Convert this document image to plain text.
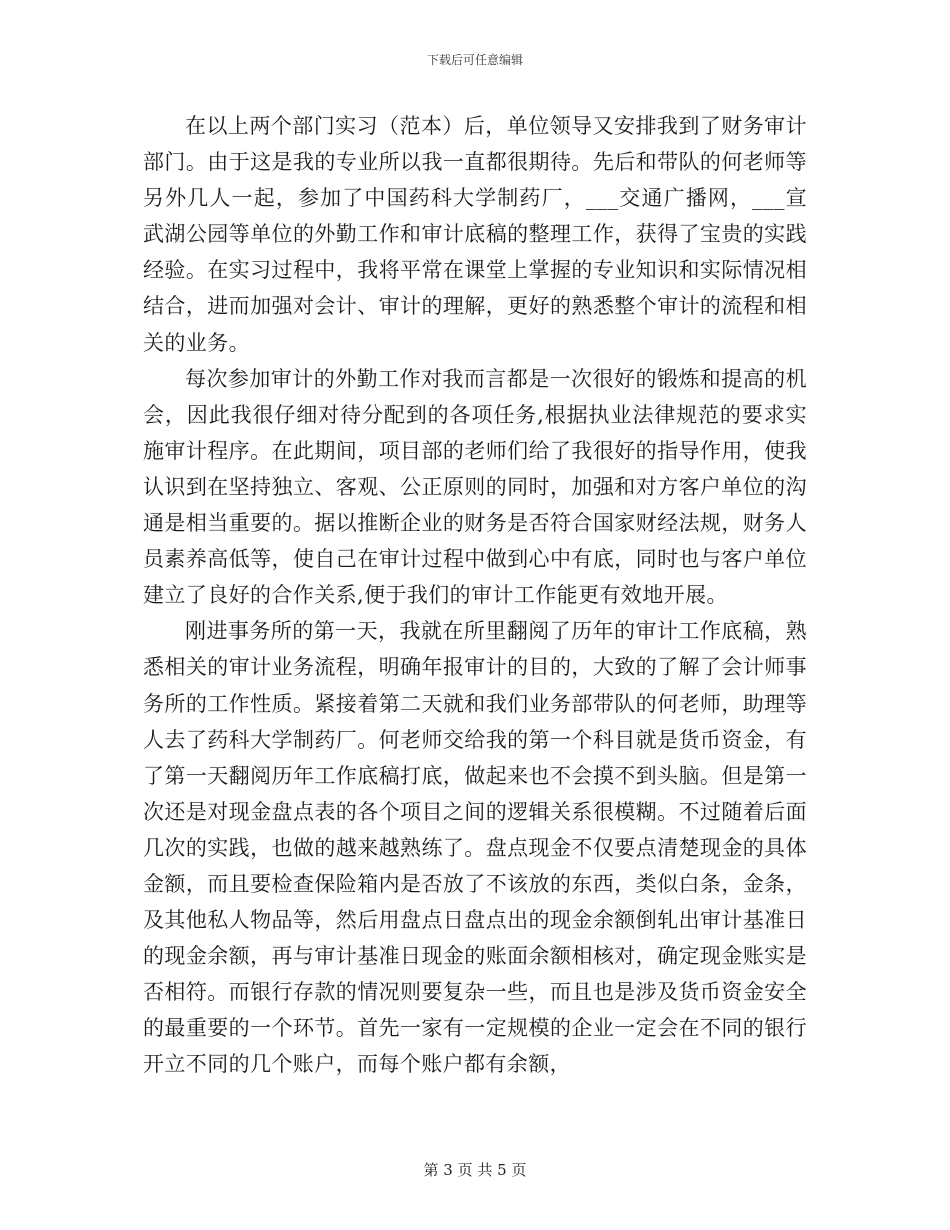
下载后可任意编辑

在以上两个部门实习（范本）后，单位领导又安排我到了财务审计部门。由于这是我的专业所以我一直都很期待。先后和带队的何老师等另外几人一起，参加了中国药科大学制药厂，___交通广播网，___宣武湖公园等单位的外勤工作和审计底稿的整理工作，获得了宝贵的实践经验。在实习过程中，我将平常在课堂上掌握的专业知识和实际情况相结合，进而加强对会计、审计的理解，更好的熟悉整个审计的流程和相关的业务。

每次参加审计的外勤工作对我而言都是一次很好的锻炼和提高的机会，因此我很仔细对待分配到的各项任务,根据执业法律规范的要求实施审计程序。在此期间，项目部的老师们给了我很好的指导作用，使我认识到在坚持独立、客观、公正原则的同时，加强和对方客户单位的沟通是相当重要的。据以推断企业的财务是否符合国家财经法规，财务人员素养高低等，使自己在审计过程中做到心中有底，同时也与客户单位建立了良好的合作关系,便于我们的审计工作能更有效地开展。

刚进事务所的第一天，我就在所里翻阅了历年的审计工作底稿，熟悉相关的审计业务流程，明确年报审计的目的，大致的了解了会计师事务所的工作性质。紧接着第二天就和我们业务部带队的何老师，助理等人去了药科大学制药厂。何老师交给我的第一个科目就是货币资金，有了第一天翻阅历年工作底稿打底，做起来也不会摸不到头脑。但是第一次还是对现金盘点表的各个项目之间的逻辑关系很模糊。不过随着后面几次的实践，也做的越来越熟练了。盘点现金不仅要点清楚现金的具体金额，而且要检查保险箱内是否放了不该放的东西，类似白条，金条，及其他私人物品等，然后用盘点日盘点出的现金余额倒轧出审计基准日的现金余额，再与审计基准日现金的账面余额相核对，确定现金账实是否相符。而银行存款的情况则要复杂一些，而且也是涉及货币资金安全的最重要的一个环节。首先一家有一定规模的企业一定会在不同的银行开立不同的几个账户，而每个账户都有余额，

第 3 页 共 5 页
